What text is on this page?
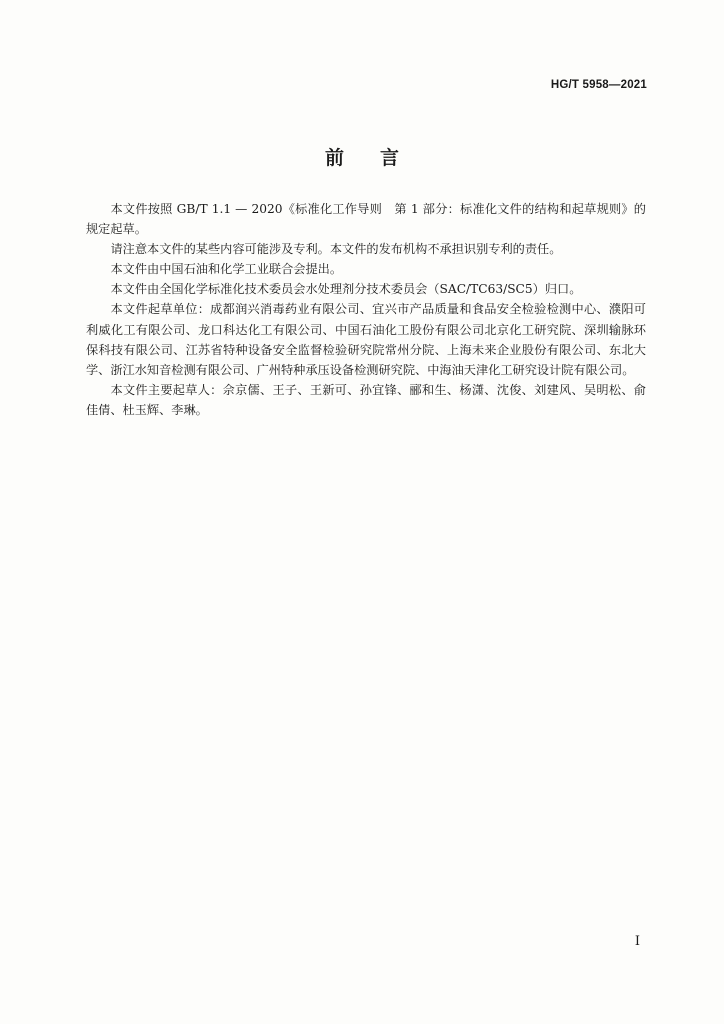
HG/T 5958—2021
前 言

本文件按照 GB/T 1.1 — 2020《标准化工作导则　第 1 部分：标准化文件的结构和起草规则》的规定起草。

请注意本文件的某些内容可能涉及专利。本文件的发布机构不承担识别专利的责任。

本文件由中国石油和化学工业联合会提出。

本文件由全国化学标准化技术委员会水处理剂分技术委员会（SAC/TC63/SC5）归口。

本文件起草单位：成都润兴消毒药业有限公司、宜兴市产品质量和食品安全检验检测中心、濮阳可利威化工有限公司、龙口科达化工有限公司、中国石油化工股份有限公司北京化工研究院、深圳输脉环保科技有限公司、江苏省特种设备安全监督检验研究院常州分院、上海未来企业股份有限公司、东北大学、浙江水知音检测有限公司、广州特种承压设备检测研究院、中海油天津化工研究设计院有限公司。

本文件主要起草人：佘京儒、王子、王新可、孙宜锋、郦和生、杨潇、沈俊、刘建风、吴明松、俞佳倩、杜玉辉、李琳。

I
